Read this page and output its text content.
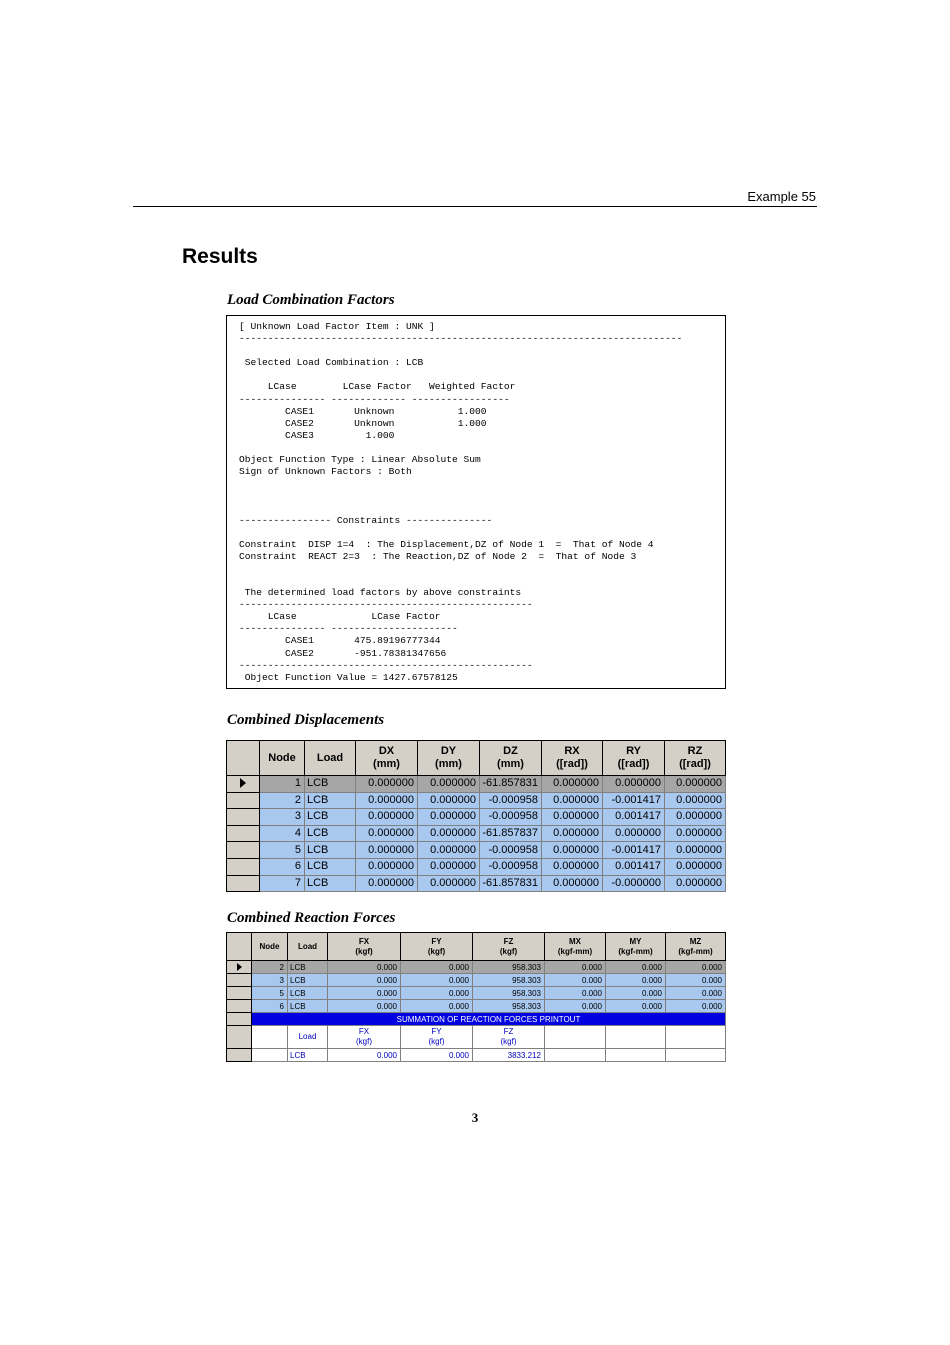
Example 55
Results
Load Combination Factors
[ Unknown Load Factor Item : UNK ]
-----------------------------------------------------------------------------

Selected Load Combination : LCB

LCase        LCase Factor   Weighted Factor
--------------- ------------- -----------------
CASE1       Unknown           1.000
CASE2       Unknown           1.000
CASE3         1.000

Object Function Type : Linear Absolute Sum
Sign of Unknown Factors : Both

---------------- Constraints ---------------

Constraint  DISP 1=4  : The Displacement,DZ of Node 1  =  That of Node 4
Constraint  REACT 2=3  : The Reaction,DZ of Node 2  =  That of Node 3

The determined load factors by above constraints
---------------------------------------------------
LCase             LCase Factor
--------------- ----------------------
CASE1       475.89196777344
CASE2       -951.78381347656
---------------------------------------------------
Object Function Value = 1427.67578125
Combined Displacements
	Node	Load	DX
(mm)	DY
(mm)	DZ
(mm)	RX
([rad])	RY
([rad])	RZ
([rad])
	1	LCB	0.000000	0.000000	-61.857831	0.000000	0.000000	0.000000
	2	LCB	0.000000	0.000000	-0.000958	0.000000	-0.001417	0.000000
	3	LCB	0.000000	0.000000	-0.000958	0.000000	0.001417	0.000000
	4	LCB	0.000000	0.000000	-61.857837	0.000000	0.000000	0.000000
	5	LCB	0.000000	0.000000	-0.000958	0.000000	-0.001417	0.000000
	6	LCB	0.000000	0.000000	-0.000958	0.000000	0.001417	0.000000
	7	LCB	0.000000	0.000000	-61.857831	0.000000	-0.000000	0.000000
Combined Reaction Forces
	Node	Load	FX
(kgf)	FY
(kgf)	FZ
(kgf)	MX
(kgf-mm)	MY
(kgf-mm)	MZ
(kgf-mm)
	2	LCB	0.000	0.000	958.303	0.000	0.000	0.000
	3	LCB	0.000	0.000	958.303	0.000	0.000	0.000
	5	LCB	0.000	0.000	958.303	0.000	0.000	0.000
	6	LCB	0.000	0.000	958.303	0.000	0.000	0.000
	SUMMATION OF REACTION FORCES PRINTOUT							
		Load	FX
(kgf)	FY
(kgf)	FZ
(kgf)			
		LCB	0.000	0.000	3833.212			
3
